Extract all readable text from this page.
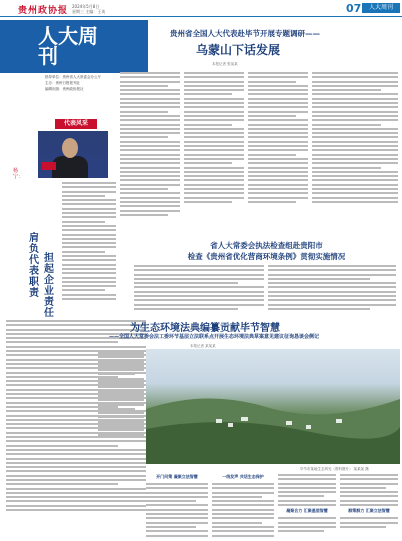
贵州政协报 2024年5月8日
星期三 主编：王英	07	人大周刊
人大周刊
指导单位：贵州省人大常委会办公厅
主办：贵州日报报刊社
编辑出版：贵州政协报社
贵州省全国人大代表赴毕节开展专题调研——
乌蒙山下话发展
本报记者 张某某
代表风采
杨宁：
肩负代表职责
担起企业责任
省人大常委会执法检查组赴贵阳市
检查《贵州省优化营商环境条例》贯彻实施情况
为生态环境法典编纂贡献毕节智慧
——全国人大常委会法工委环节基层立法联系点开展生态环境法典草案意见建议征询恳谈会侧记
本报记者 某某某
毕节市某地生态风光（资料图片） 某某某 摄
开门问策 凝聚立法智慧	一线发声 共话生态保护
凝聚合力 汇聚基层智慧	群策群力 汇聚立法智慧
